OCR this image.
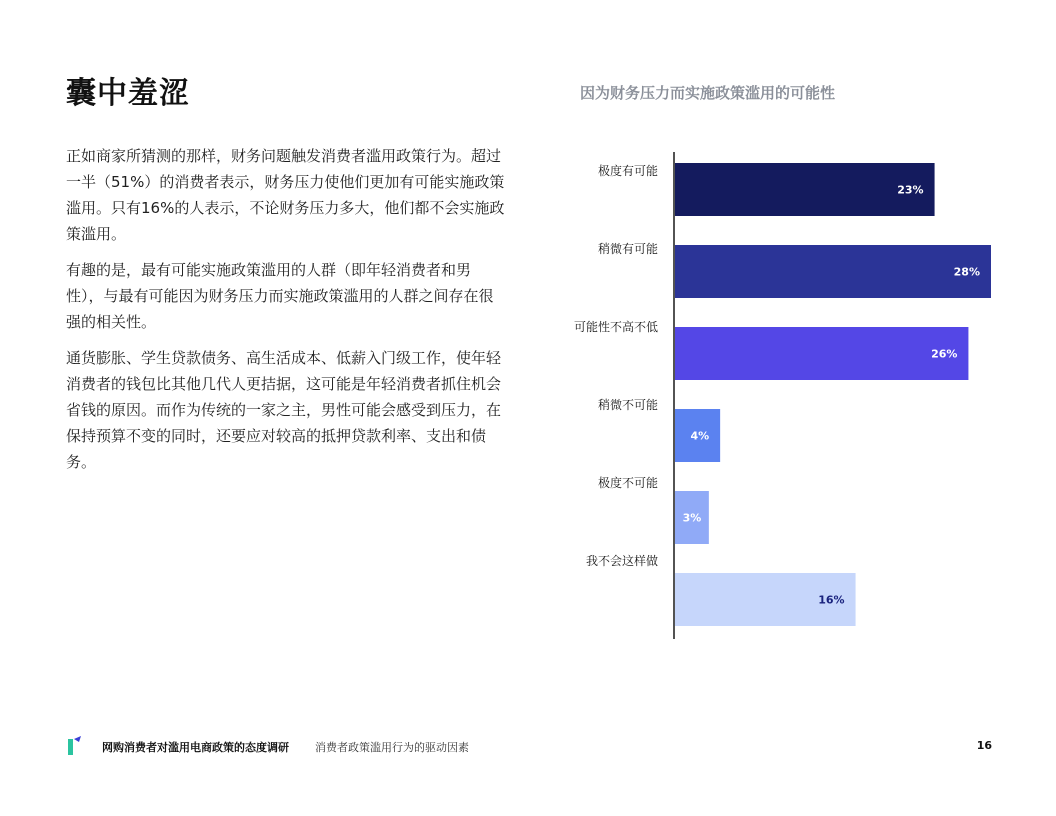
囊中羞涩

正如商家所猜测的那样，财务问题触发消费者滥用政策行为。超过一半（51%）的消费者表示，财务压力使他们更加有可能实施政策滥用。只有16%的人表示，不论财务压力多大，他们都不会实施政策滥用。

有趣的是，最有可能实施政策滥用的人群（即年轻消费者和男性），与最有可能因为财务压力而实施政策滥用的人群之间存在很强的相关性。

通货膨胀、学生贷款债务、高生活成本、低薪入门级工作，使年轻消费者的钱包比其他几代人更拮据，这可能是年轻消费者抓住机会省钱的原因。而作为传统的一家之主，男性可能会感受到压力，在保持预算不变的同时，还要应对较高的抵押贷款利率、支出和债务。

因为财务压力而实施政策滥用的可能性
极度有可能
23%
稍微有可能
28%
可能性不高不低
26%
稍微不可能
4%
极度不可能
3%
我不会这样做
16%
网购消费者对滥用电商政策的态度调研 消费者政策滥用行为的驱动因素	16
